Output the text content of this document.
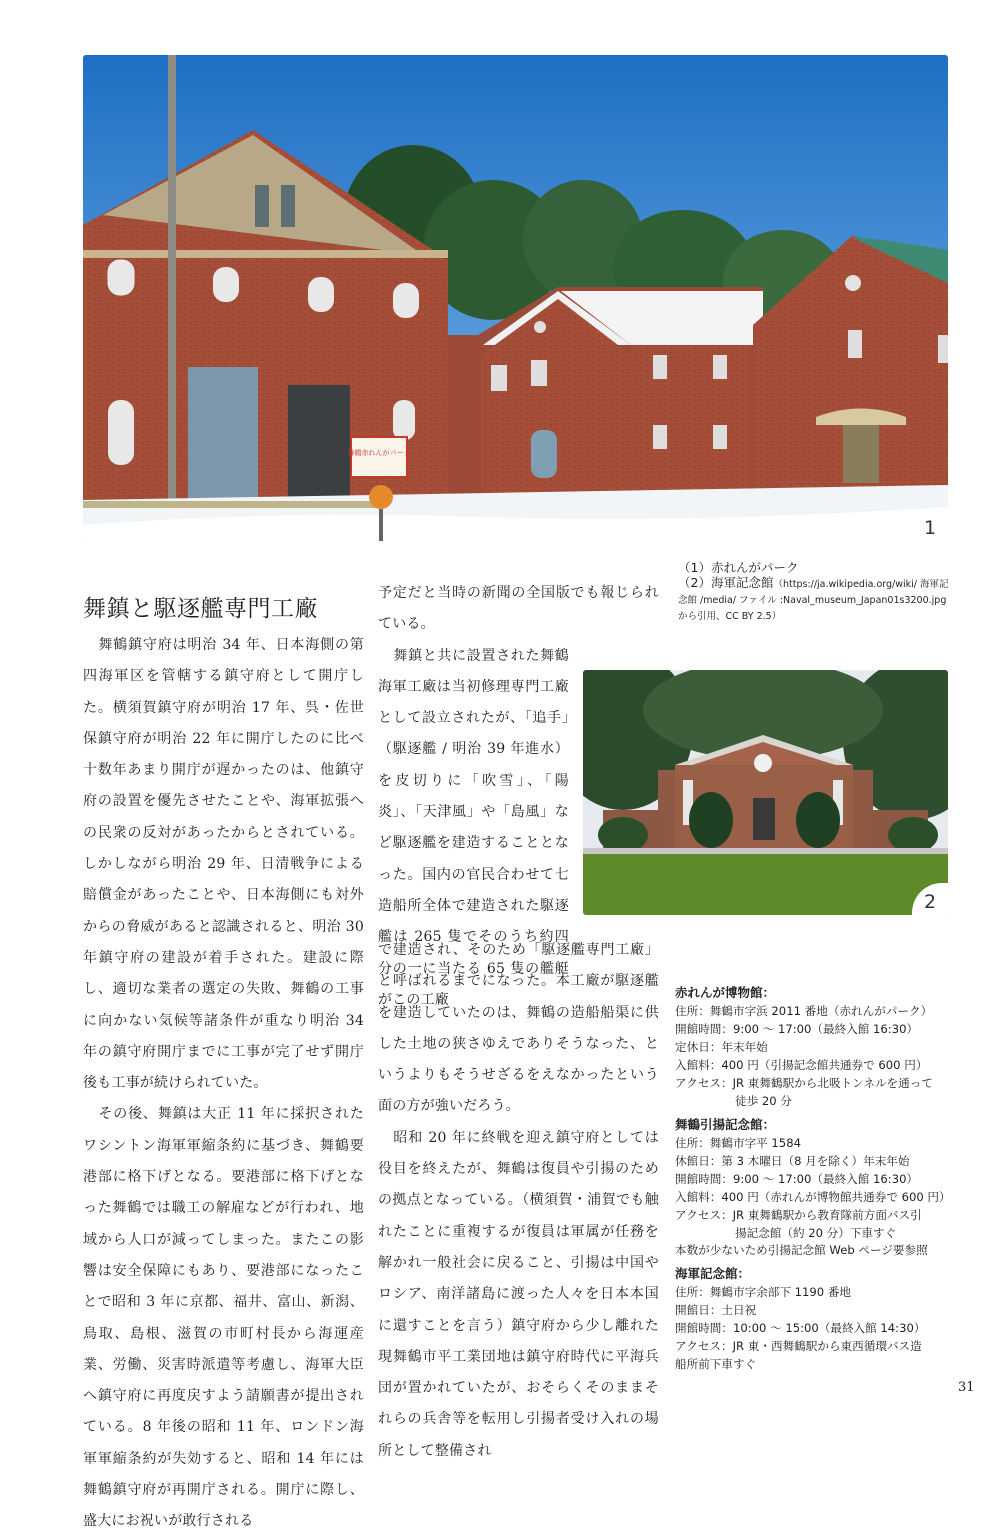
舞鶴赤れんがパーク
1
2
（1）赤れんがパーク
（2）海軍記念館（https://ja.wikipedia.org/wiki/ 海軍記念館 /media/ ファイル :Naval_museum_Japan01s3200.jpg から引用、CC BY 2.5）
舞鎮と駆逐艦専門工廠

舞鶴鎮守府は明治 34 年、日本海側の第四海軍区を管轄する鎮守府として開庁した。横須賀鎮守府が明治 17 年、呉・佐世保鎮守府が明治 22 年に開庁したのに比べ十数年あまり開庁が遅かったのは、他鎮守府の設置を優先させたことや、海軍拡張への民衆の反対があったからとされている。しかしながら明治 29 年、日清戦争による賠償金があったことや、日本海側にも対外からの脅威があると認識されると、明治 30 年鎮守府の建設が着手された。建設に際し、適切な業者の選定の失敗、舞鶴の工事に向かない気候等諸条件が重なり明治 34 年の鎮守府開庁までに工事が完了せず開庁後も工事が続けられていた。

その後、舞鎮は大正 11 年に採択されたワシントン海軍軍縮条約に基づき、舞鶴要港部に格下げとなる。要港部に格下げとなった舞鶴では職工の解雇などが行われ、地域から人口が減ってしまった。またこの影響は安全保障にもあり、要港部になったことで昭和 3 年に京都、福井、富山、新潟、鳥取、島根、滋賀の市町村長から海運産業、労働、災害時派遣等考慮し、海軍大臣へ鎮守府に再度戻すよう請願書が提出されている。8 年後の昭和 11 年、ロンドン海軍軍縮条約が失効すると、昭和 14 年には舞鶴鎮守府が再開庁される。開庁に際し、盛大にお祝いが敢行される

予定だと当時の新聞の全国版でも報じられている。

舞鎮と共に設置された舞鶴海軍工廠は当初修理専門工廠として設立されたが、「追手」（駆逐艦 / 明治 39 年進水）を皮切りに「吹雪」、「陽炎」、「天津風」や「島風」など駆逐艦を建造することとなった。国内の官民合わせて七造船所全体で建造された駆逐艦は 265 隻でそのうち約四分の一に当たる 65 隻の艦艇がこの工廠

で建造され、そのため「駆逐艦専門工廠」と呼ばれるまでになった。本工廠が駆逐艦を建造していたのは、舞鶴の造船船渠に供した土地の狭さゆえでありそうなった、というよりもそうせざるをえなかったという面の方が強いだろう。

昭和 20 年に終戦を迎え鎮守府としては役目を終えたが、舞鶴は復員や引揚のための拠点となっている。（横須賀・浦賀でも触れたことに重複するが復員は軍属が任務を解かれ一般社会に戻ること、引揚は中国やロシア、南洋諸島に渡った人々を日本本国に還すことを言う）鎮守府から少し離れた現舞鶴市平工業団地は鎮守府時代に平海兵団が置かれていたが、おそらくそのままそれらの兵舎等を転用し引揚者受け入れの場所として整備され

赤れんが博物館：
住所：舞鶴市字浜 2011 番地（赤れんがパーク）
開館時間：9:00 ～ 17:00（最終入館 16:30）
定休日：年末年始
入館料：400 円（引揚記念館共通券で 600 円）
アクセス：JR 東舞鶴駅から北吸トンネルを通って
徒歩 20 分
舞鶴引揚記念館：
住所：舞鶴市字平 1584
休館日：第 3 木曜日（8 月を除く）年末年始
開館時間：9:00 ～ 17:00（最終入館 16:30）
入館料：400 円（赤れんが博物館共通券で 600 円）
アクセス：JR 東舞鶴駅から教育隊前方面バス引
揚記念館（約 20 分）下車すぐ
本数が少ないため引揚記念館 Web ページ要参照
海軍記念館：
住所：舞鶴市字余部下 1190 番地
開館日：土日祝
開館時間：10:00 ～ 15:00（最終入館 14:30）
アクセス：JR 東・西舞鶴駅から東西循環バス造
船所前下車すぐ
31
